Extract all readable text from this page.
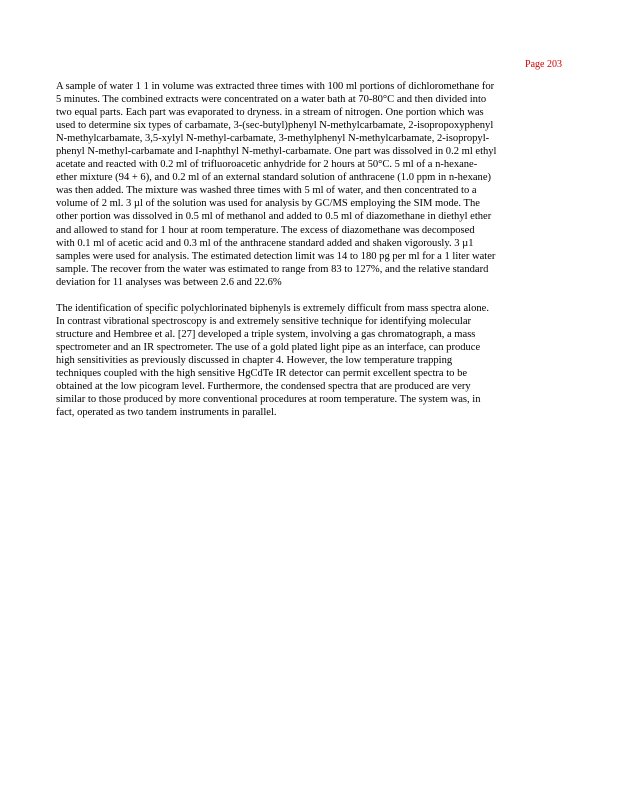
Page 203

A sample of water 1 1 in volume was extracted three times with 100 ml portions of dichloromethane for
5 minutes. The combined extracts were concentrated on a water bath at 70-80°C and then divided into
two equal parts. Each part was evaporated to dryness. in a stream of nitrogen. One portion which was
used to determine six types of carbamate, 3-(sec-butyl)phenyl N-methylcarbamate, 2-isopropoxyphenyl
N-methylcarbamate, 3,5-xylyl N-methyl-carbamate, 3-methylphenyl N-methylcarbamate, 2-isopropyl-
phenyl N-methyl-carbamate and I-naphthyl N-methyl-carbamate. One part was dissolved in 0.2 ml ethyl
acetate and reacted with 0.2 ml of trifluoroacetic anhydride for 2 hours at 50°C. 5 ml of a n-hexane-
ether mixture (94 + 6), and 0.2 ml of an external standard solution of anthracene (1.0 ppm in n-hexane)
was then added. The mixture was washed three times with 5 ml of water, and then concentrated to a
volume of 2 ml. 3 µl of the solution was used for analysis by GC/MS employing the SIM mode. The
other portion was dissolved in 0.5 ml of methanol and added to 0.5 ml of diazomethane in diethyl ether
and allowed to stand for 1 hour at room temperature. The excess of diazomethane was decomposed
with 0.1 ml of acetic acid and 0.3 ml of the anthracene standard added and shaken vigorously. 3 µ1
samples were used for analysis. The estimated detection limit was 14 to 180 pg per ml for a 1 liter water
sample. The recover from the water was estimated to range from 83 to 127%, and the relative standard
deviation for 11 analyses was between 2.6 and 22.6%

The identification of specific polychlorinated biphenyls is extremely difficult from mass spectra alone.
In contrast vibrational spectroscopy is and extremely sensitive technique for identifying molecular
structure and Hembree et al. [27] developed a triple system, involving a gas chromatograph, a mass
spectrometer and an IR spectrometer. The use of a gold plated light pipe as an interface, can produce
high sensitivities as previously discussed in chapter 4. However, the low temperature trapping
techniques coupled with the high sensitive HgCdTe IR detector can permit excellent spectra to be
obtained at the low picogram level. Furthermore, the condensed spectra that are produced are very
similar to those produced by more conventional procedures at room temperature. The system was, in
fact, operated as two tandem instruments in parallel.
